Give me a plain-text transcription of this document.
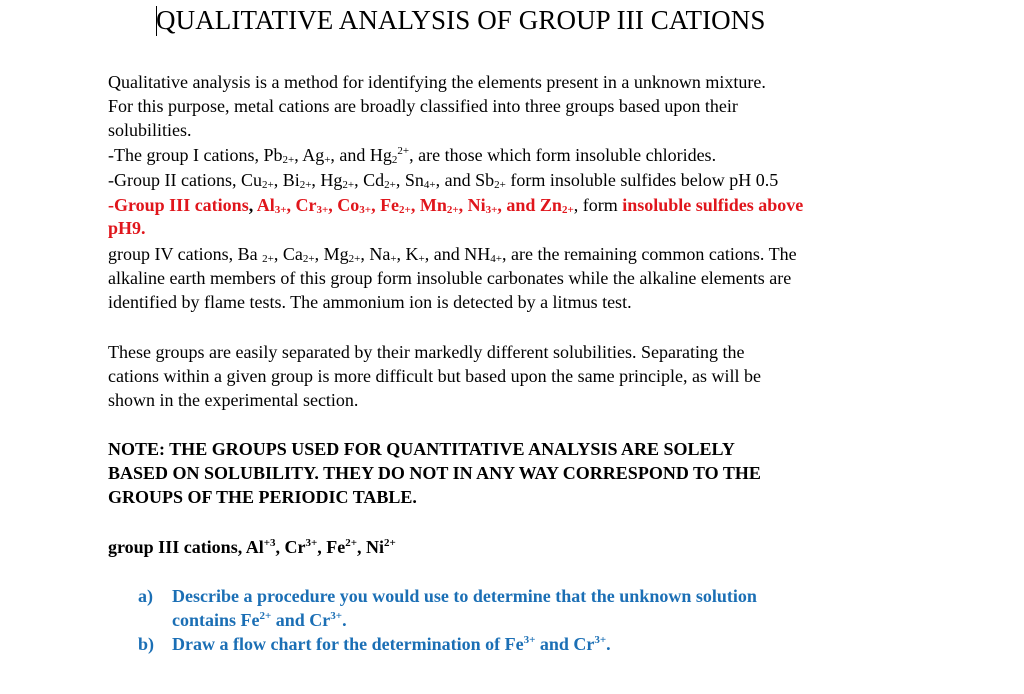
QUALITATIVE ANALYSIS OF GROUP III CATIONS
Qualitative analysis is a method for identifying the elements present in a unknown mixture.
For this purpose, metal cations are broadly classified into three groups based upon their
solubilities.
-The group I cations, $Pb_{2+}$, $Ag_+$, and $Hg_2^{2+}$, are those which form insoluble chlorides.
-Group II cations, $Cu_{2+}$, $Bi_{2+}$, $Hg_{2+}$, $Cd_{2+}$, $Sn_{4+}$, and $Sb_{2+}$ form insoluble sulfides below pH 0.5
-Group III cations, $Al_{3+}$, $Cr_{3+}$, $Co_{3+}$, $Fe_{2+}$, $Mn_{2+}$, $Ni_{3+}$, and $Zn_{2+}$, form insoluble sulfides above
pH9.
group IV cations, Ba $_{2+}$, $Ca_{2+}$, $Mg_{2+}$, $Na_+$, $K_+$, and $NH_{4+}$, are the remaining common cations. The
alkaline earth members of this group form insoluble carbonates while the alkaline elements are
identified by flame tests. The ammonium ion is detected by a litmus test.
These groups are easily separated by their markedly different solubilities. Separating the
cations within a given group is more difficult but based upon the same principle, as will be
shown in the experimental section.
NOTE: THE GROUPS USED FOR QUANTITATIVE ANALYSIS ARE SOLELY
BASED ON SOLUBILITY. THEY DO NOT IN ANY WAY CORRESPOND TO THE
GROUPS OF THE PERIODIC TABLE.
group III cations, $Al^{+3}$, $Cr^{3+}$, $Fe^{2+}$, $Ni^{2+}$
a) Describe a procedure you would use to determine that the unknown solution
contains $Fe^{2+}$ and $Cr^{3+}$.
b) Draw a flow chart for the determination of $Fe^{3+}$ and $Cr^{3+}$.
